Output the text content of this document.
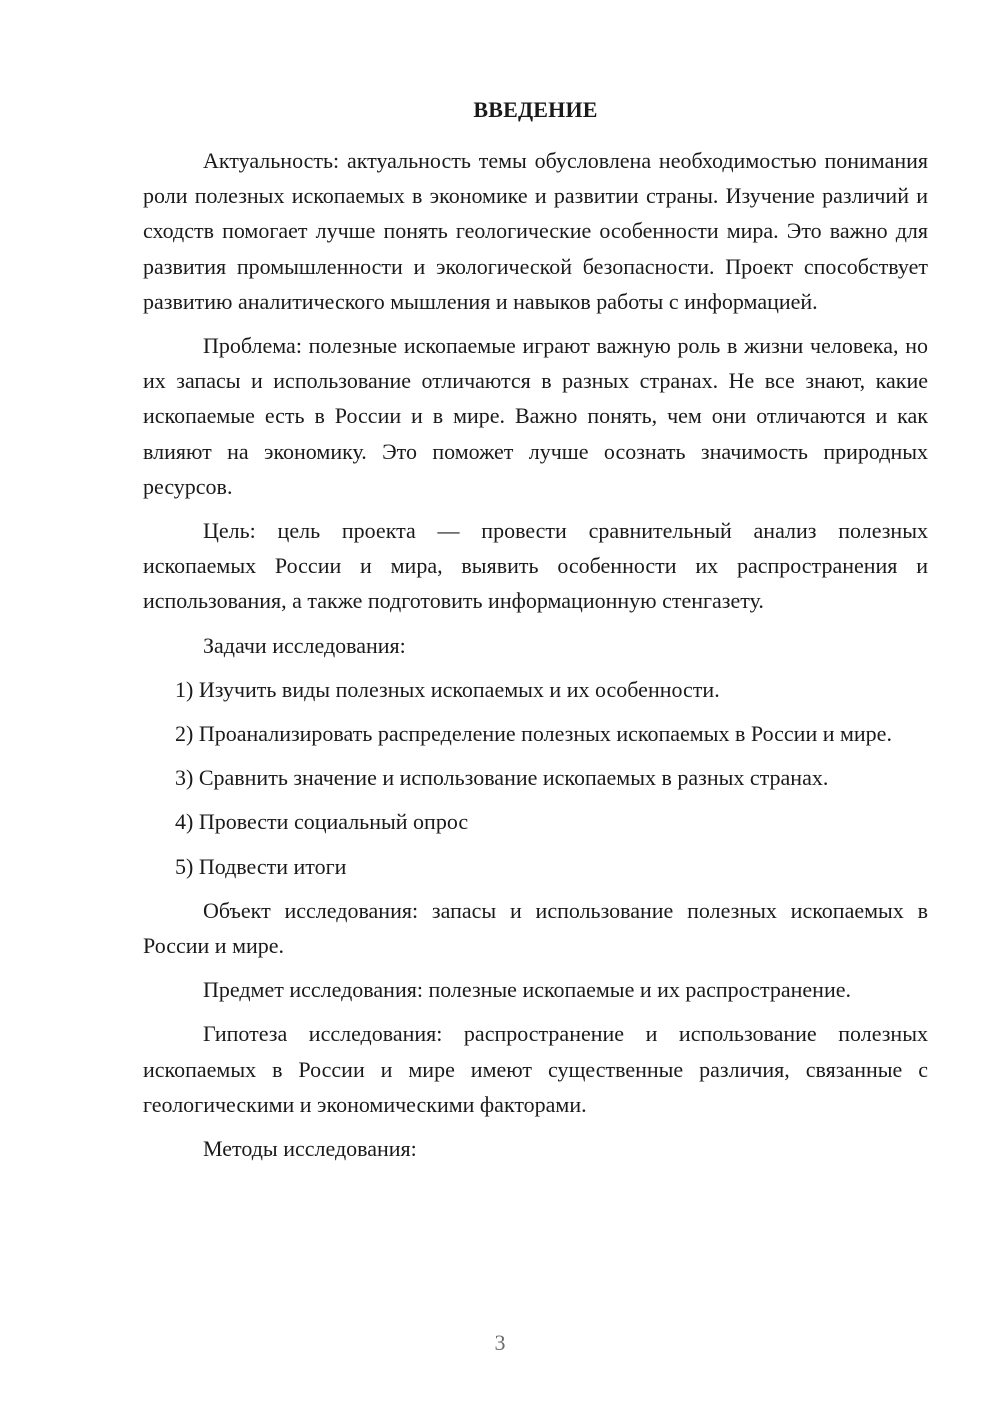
ВВЕДЕНИЕ

Актуальность: актуальность темы обусловлена необходимостью понимания роли полезных ископаемых в экономике и развитии страны. Изучение различий и сходств помогает лучше понять геологические особенности мира. Это важно для развития промышленности и экологической безопасности. Проект способствует развитию аналитического мышления и навыков работы с информацией.

Проблема: полезные ископаемые играют важную роль в жизни человека, но их запасы и использование отличаются в разных странах. Не все знают, какие ископаемые есть в России и в мире. Важно понять, чем они отличаются и как влияют на экономику. Это поможет лучше осознать значимость природных ресурсов.

Цель: цель проекта — провести сравнительный анализ полезных ископаемых России и мира, выявить особенности их распространения и использования, а также подготовить информационную стенгазету.

Задачи исследования:

1) Изучить виды полезных ископаемых и их особенности.

2) Проанализировать распределение полезных ископаемых в России и мире.

3) Сравнить значение и использование ископаемых в разных странах.

4) Провести социальный опрос

5) Подвести итоги

Объект исследования: запасы и использование полезных ископаемых в России и мире.

Предмет исследования: полезные ископаемые и их распространение.

Гипотеза исследования: распространение и использование полезных ископаемых в России и мире имеют существенные различия, связанные с геологическими и экономическими факторами.

Методы исследования:

3
